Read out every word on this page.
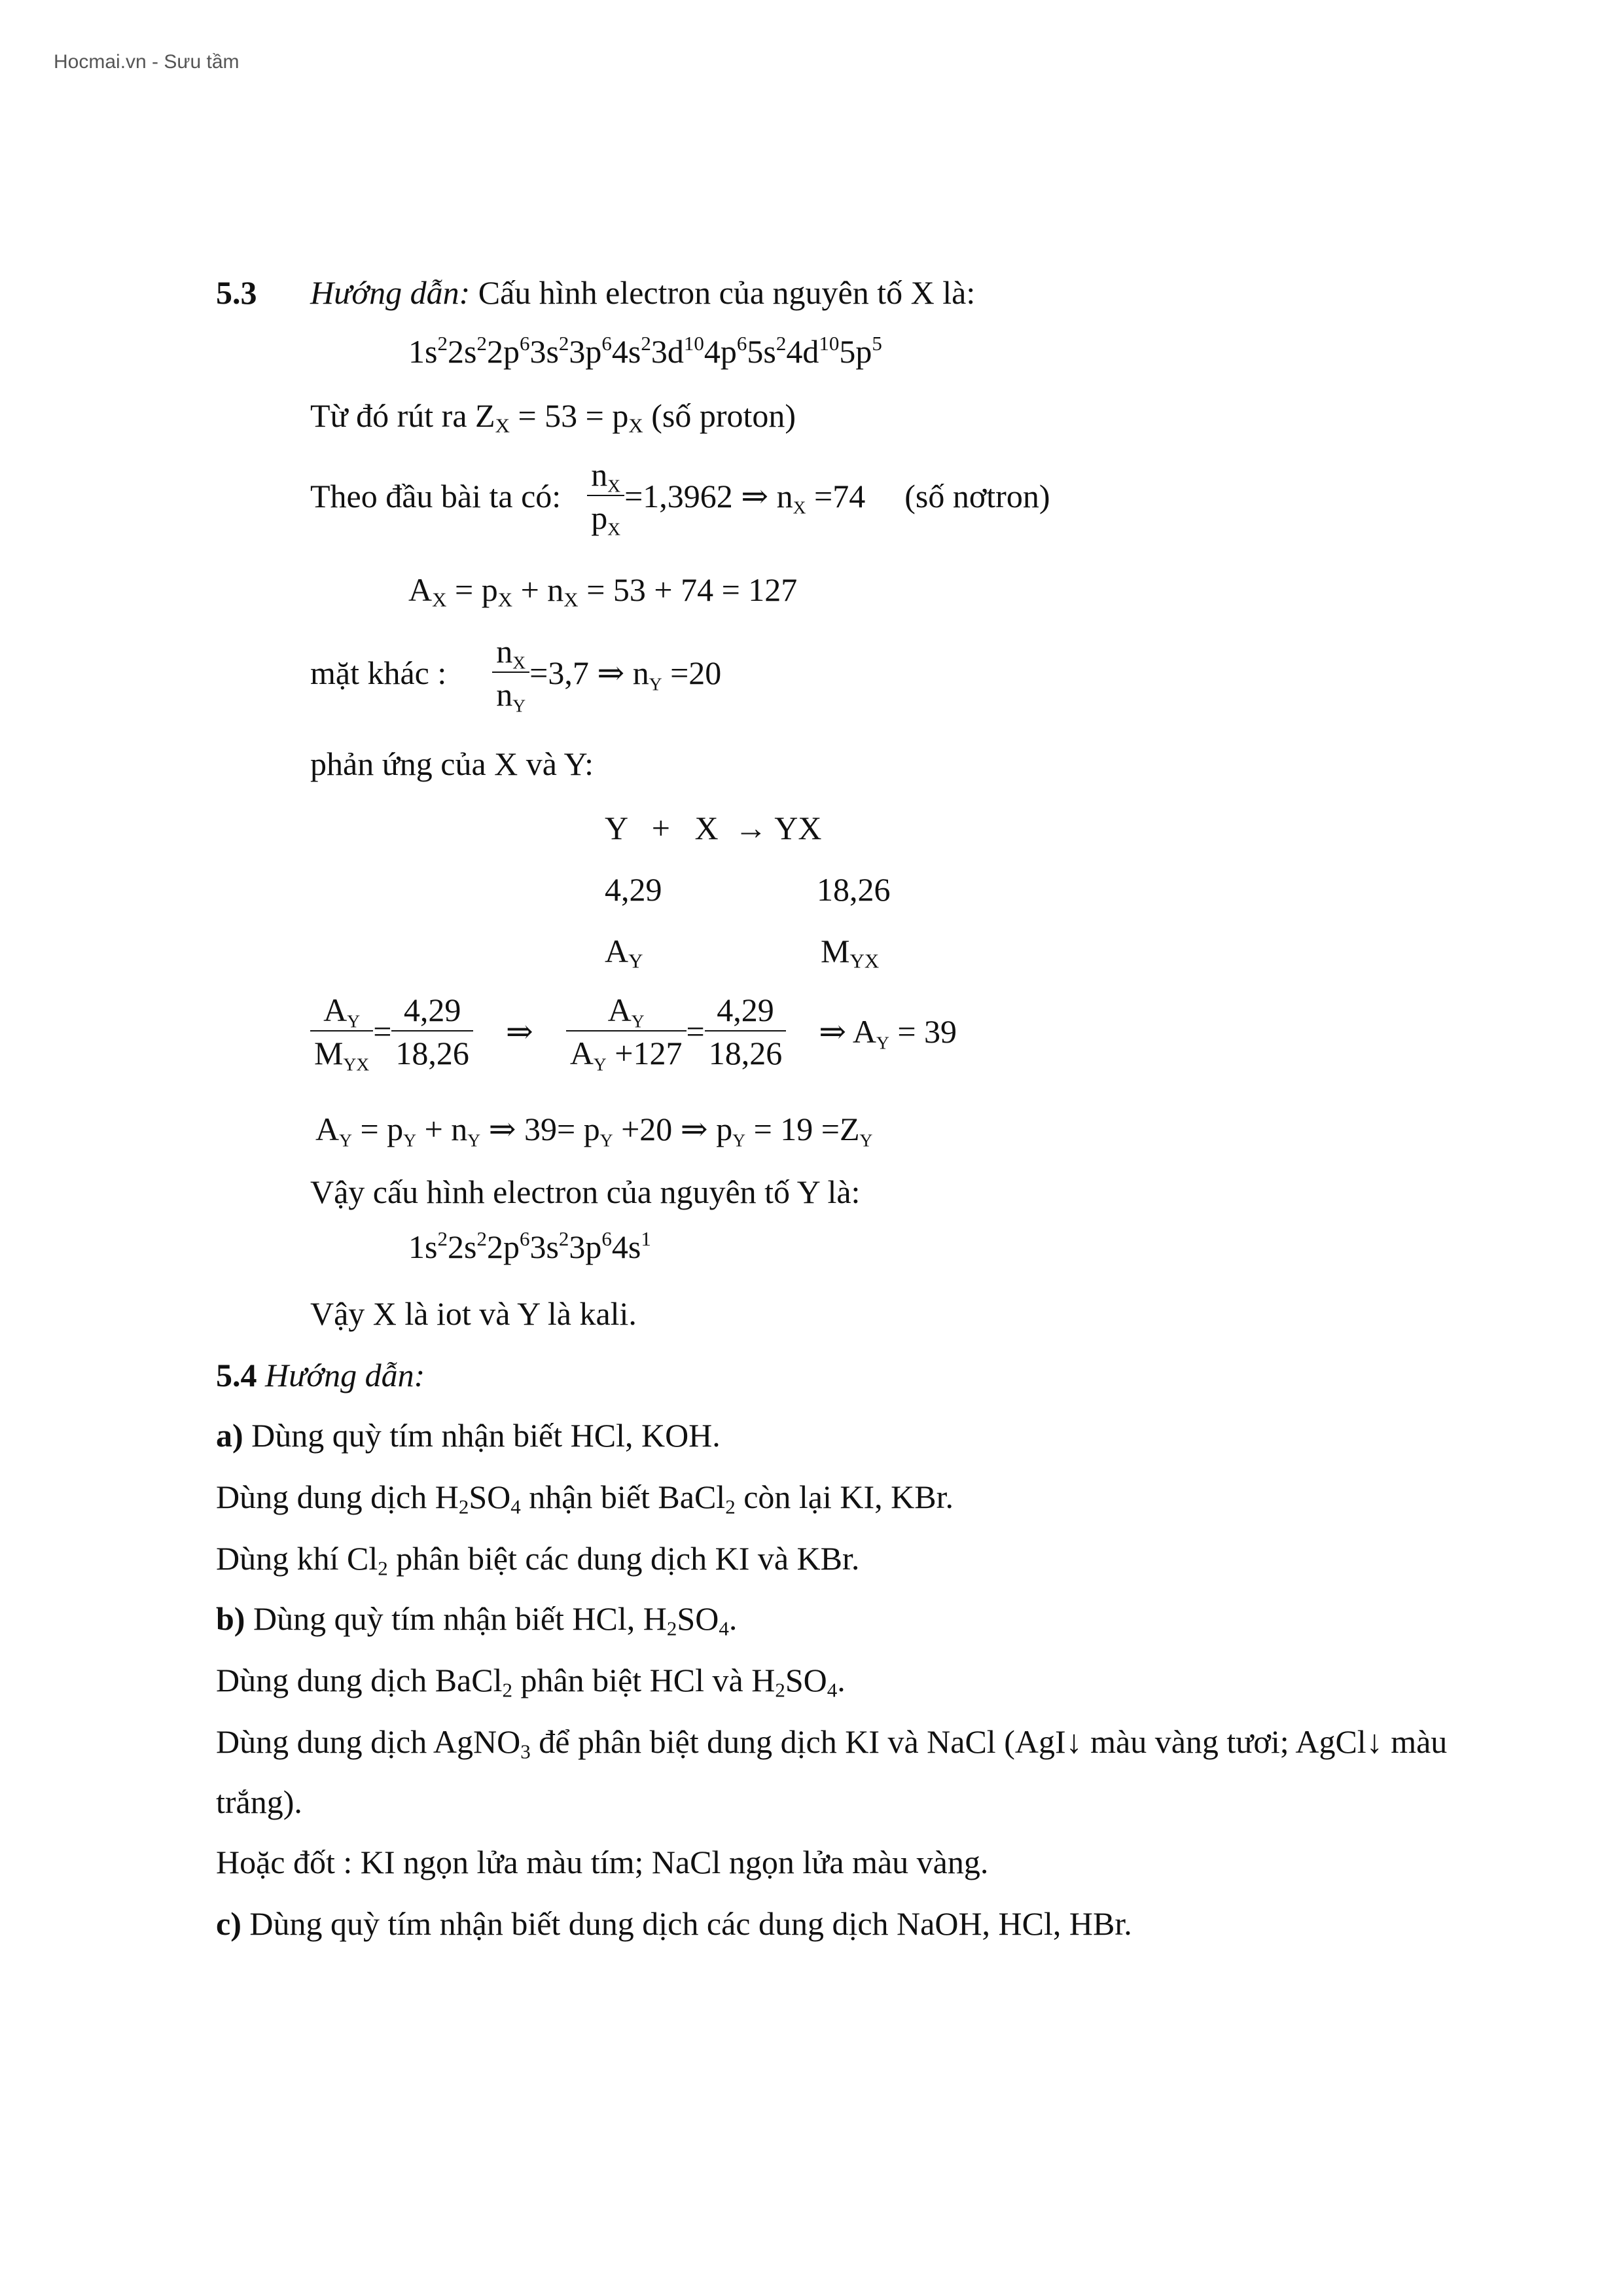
Hocmai.vn - Sưu tầm
5.3 Hướng dẫn: Cấu hình electron của nguyên tố X là:
$1s^22s^22p^63s^23p^64s^23d^{10}4p^65s^24d^{10}5p^5$
Từ đó rút ra $Z_X = 53 = p_X$ (số proton)
Theo đầu bài ta có: $\frac{nX}{pX} =1,3962$ ⇒ nX =74 (số nơtron)
$A_X = p_X + n_X = 53 + 74 = 127$
mặt khác : $\frac{nX}{nY} =3,7$ ⇒ nY =20
phản ứng của X và Y:
Y   +   X  → YX
4,29	18,26
$A_Y$	$M_{YX}$
$\frac{AY}{\text{MYX}} = \frac{4,29}{18,26}$ ⇒ $\frac{AY}{AY +127} = \frac{4,29}{18,26}$ ⇒ AY = 39
AY = pY + nY ⇒ 39= pY +20 ⇒ pY = 19 =ZY
Vậy cấu hình electron của nguyên tố Y là:
$1s^22s^22p^63s^23p^64s^1$
Vậy X là iot và Y là kali.
5.4 Hướng dẫn:
a) Dùng quỳ tím nhận biết HCl, KOH.
Dùng dung dịch $H_2SO_4$ nhận biết BaCl$_2$ còn lại KI, KBr.
Dùng khí $Cl_2$ phân biệt các dung dịch KI và KBr.
b) Dùng quỳ tím nhận biết HCl, $H_2SO_4$.
Dùng dung dịch BaCl$_2$ phân biệt HCl và $H_2SO_4$.
Dùng dung dịch AgNO$_3$ để phân biệt dung dịch KI và NaCl (AgI↓ màu vàng tươi; AgCl↓ màu
trắng).
Hoặc đốt : KI ngọn lửa màu tím; NaCl ngọn lửa màu vàng.
c) Dùng quỳ tím nhận biết dung dịch các dung dịch NaOH, HCl, HBr.
